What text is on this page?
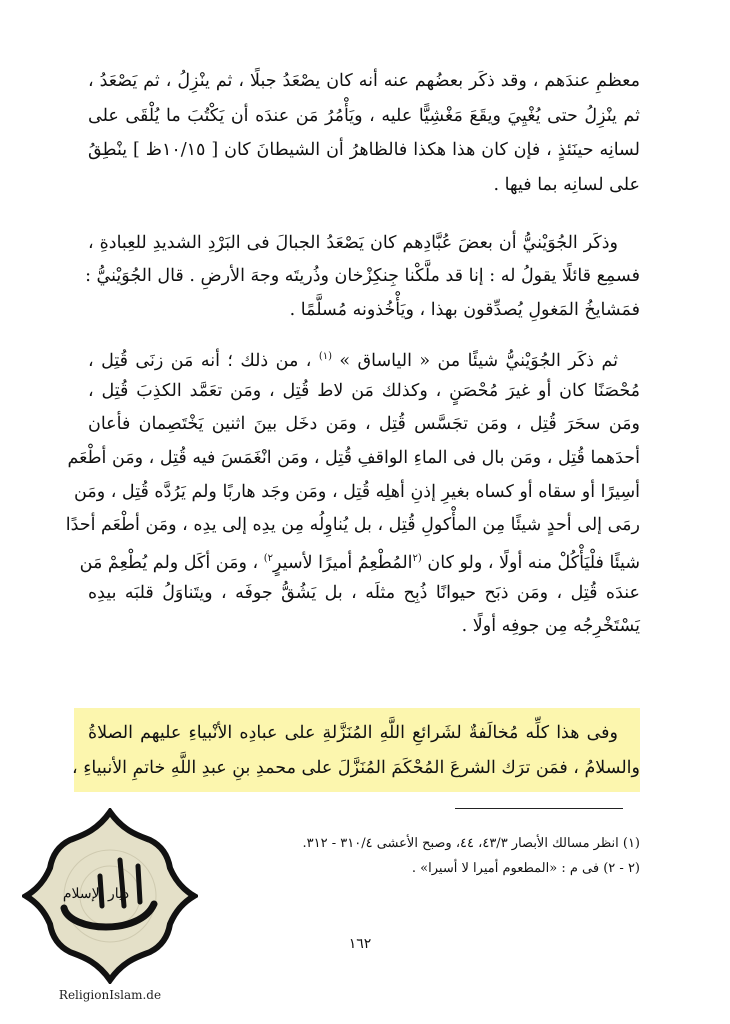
معظمِ عندَهم ، وقد ذكَر بعضُهم عنه أنه كان يصْعَدُ جبلًا ، ثم ينْزِلُ ، ثم يَصْعَدُ ،
ثم ينْزِلُ حتى يُغْيِيَ ويقَعَ مَغْشِيًّا عليه ، ويَأْمُرُ مَن عندَه أن يَكْتُبَ ما يُلْقَى على
لسانِه حينَئذٍ ، فإن كان هذا هكذا فالظاهرُ أن الشيطانَ كان [ ١٠/١٥ظ ] ينْطِقُ
على لسانِه بما فيها .
وذكَر الجُوَيْنيُّ أن بعضَ عُبَّادِهم كان يَصْعَدُ الجبالَ فى البَرْدِ الشديدِ للعِبادةِ ،
فسمِع قائلًا يقولُ له : إنا قد ملَّكْنا جِنكِزْخان وذُريتَه وجهَ الأرضِ . قال الجُوَيْنيُّ :
فمَشايخُ المَغولِ يُصدِّقون بهذا ، ويَأْخُذونه مُسلَّمًا .
ثم ذكَر الجُوَيْنيُّ شيئًا من « الياساق » $^{(١)}$ ، من ذلك ؛ أنه مَن زنَى قُتِل ،
مُحْصَنًا كان أو غيرَ مُحْصَنٍ ، وكذلك مَن لاط قُتِل ، ومَن تعَمَّد الكذِبَ قُتِل ،
ومَن سحَرَ قُتِل ، ومَن تجَسَّس قُتِل ، ومَن دخَل بينَ اثنين يَخْتَصِمان فأعان
أحدَهما قُتِل ، ومَن بال فى الماءِ الواقفِ قُتِل ، ومَن انْغَمَسَ فيه قُتِل ، ومَن أطْعَم
أسِيرًا أو سقاه أو كساه بغيرِ إذنِ أهلِه قُتِل ، ومَن وجَد هاربًا ولم يَرُدَّه قُتِل ، ومَن
رمَى إلى أحدٍ شيئًا مِن المأْكولِ قُتِل ، بل يُناوِلُه مِن يدِه إلى يدِه ، ومَن أطْعَم أحدًا
شيئًا فلْيَأْكُلْ منه أولًا ، ولو كان $^{(٢}$المُطْعِمُ أميرًا لأسيرٍ$^{٢)}$ ، ومَن أكَل ولم يُطْعِمْ مَن
عندَه قُتِل ، ومَن ذبَح حيوانًا ذُبِح مثلَه ، بل يَشُقُّ جوفَه ، ويتَناوَلُ قلبَه بيدِه
يَسْتَخْرِجُه مِن جوفِه أولًا .
وفى هذا كلِّه مُخالَفةٌ لشَرائعِ اللَّهِ المُنَزَّلةِ على عبادِه الأنْبياءِ عليهم الصلاةُ
والسلامُ ، فمَن ترَك الشرعَ المُحْكَمَ المُنَزَّلَ على محمدِ بنِ عبدِ اللَّهِ خاتمِ الأنبياءِ ،
(١) انظر مسالك الأبصار ٤٣/٣، ٤٤، وصبح الأعشى ٣١٠/٤ - ٣١٢.
(٢ - ٢) فى م : «المطعوم أميرا لا أسيرا» .
١٦٢
ديار الإسلام
ReligionIslam.de
